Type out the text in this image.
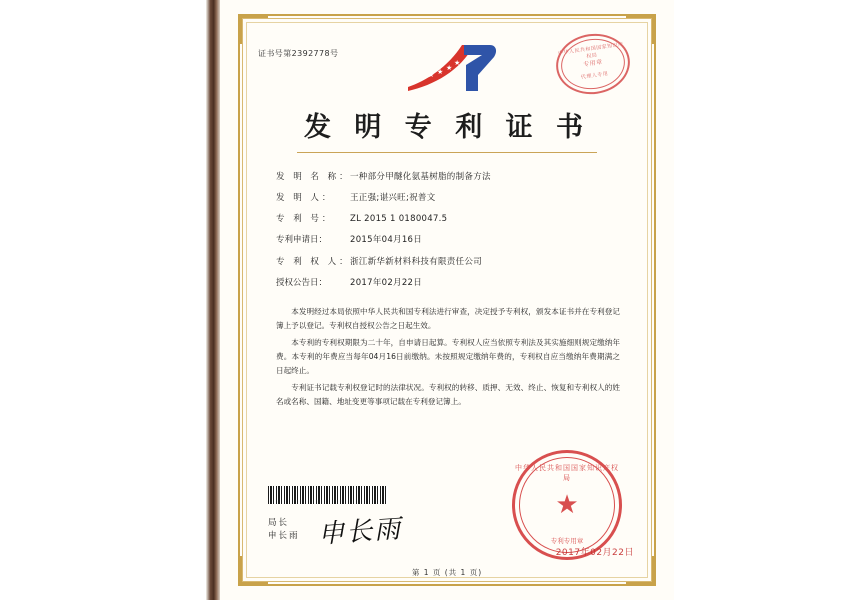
中华人民共和国国家知识产权局
专用章
代理人专用
证书号第2392778号
★ ★ ★
★
发 明 专 利 证 书
发 明 名 称： 一种部分甲醚化氨基树脂的制备方法
发 明 人：	王正强;谌兴旺;祝普文
专 利 号：	ZL 2015 1 0180047.5
专利申请日：	2015年04月16日
专 利 权 人： 浙江新华新材料科技有限责任公司
授权公告日：	2017年02月22日

本发明经过本局依照中华人民共和国专利法进行审查，决定授予专利权，颁发本证书并在专利登记簿上予以登记。专利权自授权公告之日起生效。

本专利的专利权期限为二十年，自申请日起算。专利权人应当依照专利法及其实施细则规定缴纳年费。本专利的年费应当每年04月16日前缴纳。未按照规定缴纳年费的，专利权自应当缴纳年费期满之日起终止。

专利证书记载专利权登记时的法律状况。专利权的转移、质押、无效、终止、恢复和专利权人的姓名或名称、国籍、地址变更等事项记载在专利登记簿上。

局长
申长雨 申长雨
中华人民共和国国家知识产权局
★
专利专用章
2017年02月22日
第 1 页 (共 1 页)
